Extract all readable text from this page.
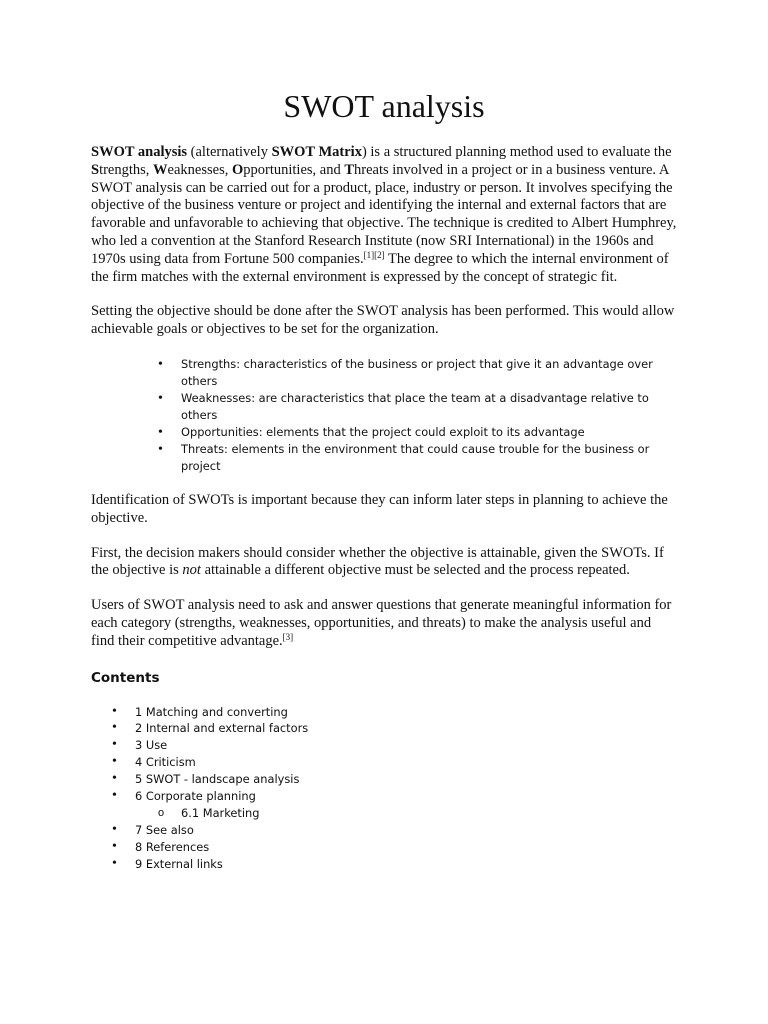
SWOT analysis

SWOT analysis (alternatively SWOT Matrix) is a structured planning method used to evaluate the Strengths, Weaknesses, Opportunities, and Threats involved in a project or in a business venture. A SWOT analysis can be carried out for a product, place, industry or person. It involves specifying the objective of the business venture or project and identifying the internal and external factors that are favorable and unfavorable to achieving that objective. The technique is credited to Albert Humphrey, who led a convention at the Stanford Research Institute (now SRI International) in the 1960s and 1970s using data from Fortune 500 companies.[1][2] The degree to which the internal environment of the firm matches with the external environment is expressed by the concept of strategic fit.

Setting the objective should be done after the SWOT analysis has been performed. This would allow achievable goals or objectives to be set for the organization.

• Strengths: characteristics of the business or project that give it an advantage over others
• Weaknesses: are characteristics that place the team at a disadvantage relative to others
• Opportunities: elements that the project could exploit to its advantage
• Threats: elements in the environment that could cause trouble for the business or project

Identification of SWOTs is important because they can inform later steps in planning to achieve the objective.

First, the decision makers should consider whether the objective is attainable, given the SWOTs. If the objective is not attainable a different objective must be selected and the process repeated.

Users of SWOT analysis need to ask and answer questions that generate meaningful information for each category (strengths, weaknesses, opportunities, and threats) to make the analysis useful and find their competitive advantage.[3]

Contents
• 1 Matching and converting
• 2 Internal and external factors
• 3 Use
• 4 Criticism
• 5 SWOT - landscape analysis
• 6 Corporate planning
o 6.1 Marketing
• 7 See also
• 8 References
• 9 External links
